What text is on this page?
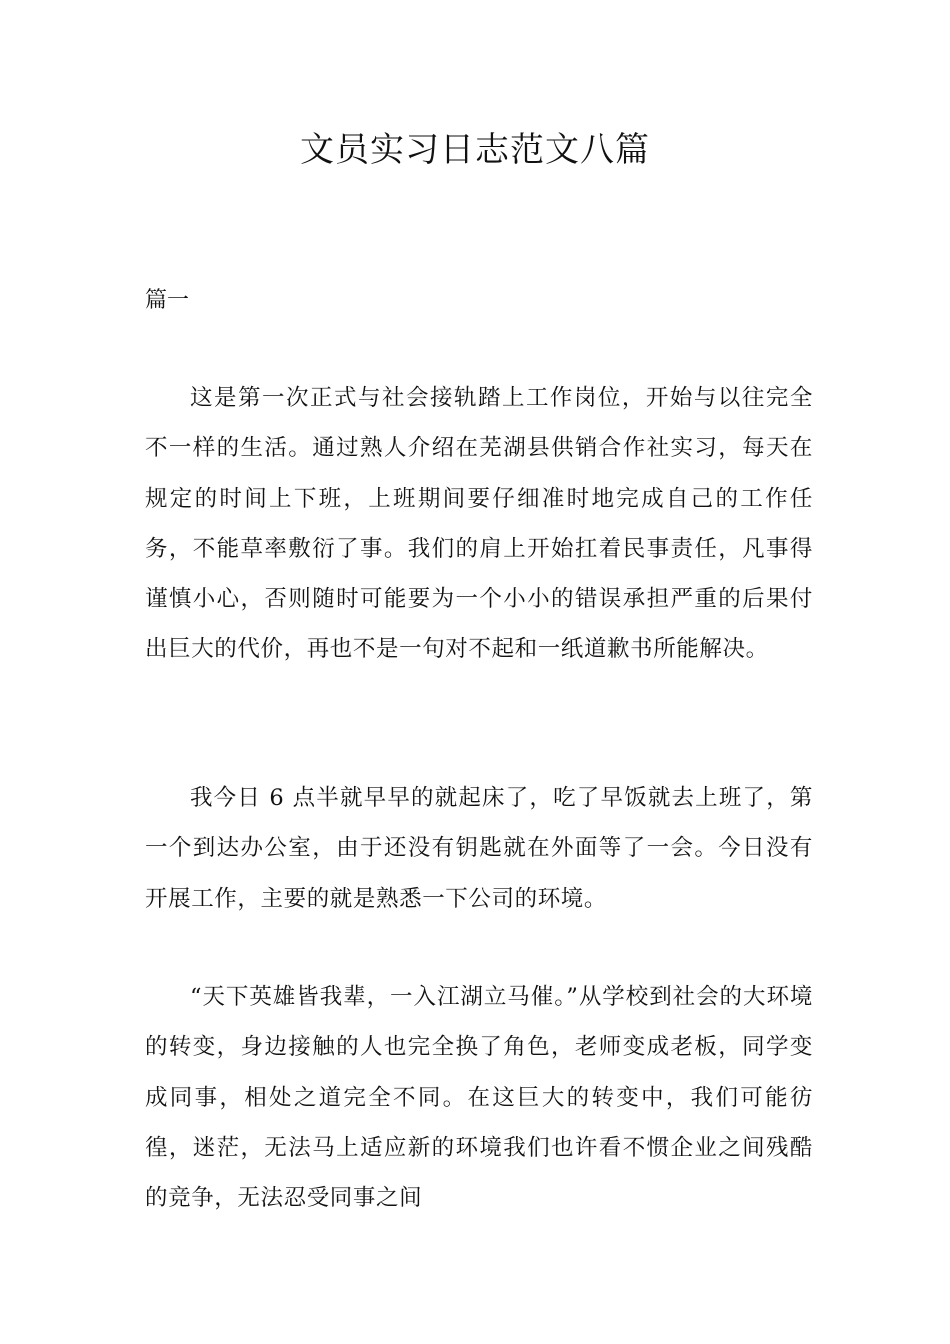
文员实习日志范文八篇

篇一

这是第一次正式与社会接轨踏上工作岗位，开始与以往完全不一样的生活。通过熟人介绍在芜湖县供销合作社实习，每天在规定的时间上下班，上班期间要仔细准时地完成自己的工作任务，不能草率敷衍了事。我们的肩上开始扛着民事责任，凡事得谨慎小心，否则随时可能要为一个小小的错误承担严重的后果付出巨大的代价，再也不是一句对不起和一纸道歉书所能解决。

我今日 6 点半就早早的就起床了，吃了早饭就去上班了，第一个到达办公室，由于还没有钥匙就在外面等了一会。今日没有开展工作，主要的就是熟悉一下公司的环境。

“天下英雄皆我辈，一入江湖立马催。”从学校到社会的大环境的转变，身边接触的人也完全换了角色，老师变成老板，同学变成同事，相处之道完全不同。在这巨大的转变中，我们可能彷徨，迷茫，无法马上适应新的环境我们也许看不惯企业之间残酷的竞争，无法忍受同事之间
